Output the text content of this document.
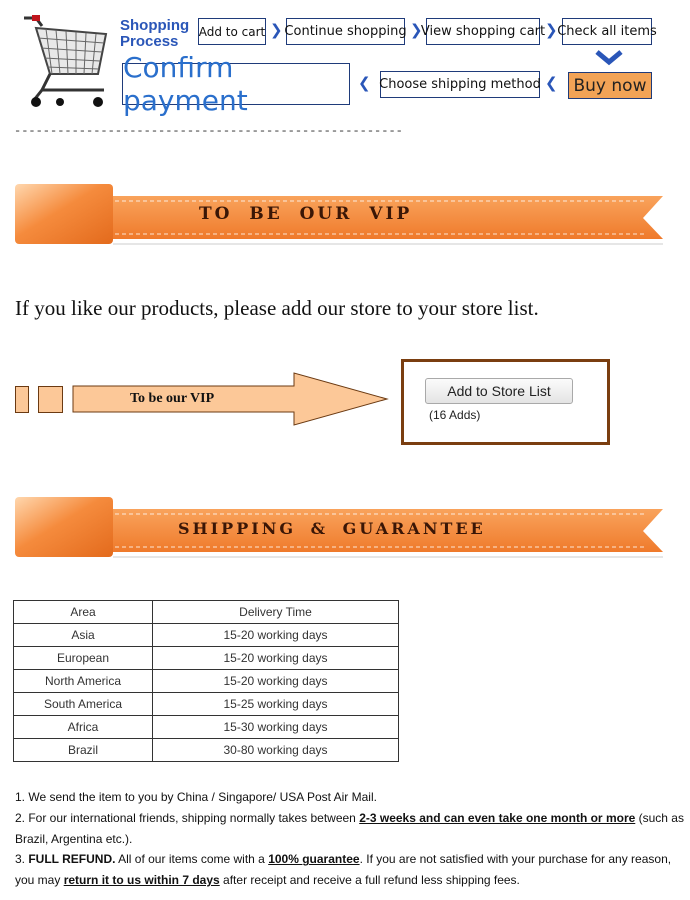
Shopping
Process
Add to cart ❯ Continue shopping ❯
View shopping cart ❯ Check all items
Confirm payment
❮ Choose shipping method ❮ Buy now
------------------------------------------------------
TO BE OUR VIP
If you like our products, please add our store to your store list.
To be our VIP	Add to Store List
(16 Adds)
SHIPPING & GUARANTEE
Area	Delivery Time
Asia	15-20 working days
European	15-20 working days
North America	15-20 working days
South America	15-25 working days
Africa	15-30 working days
Brazil	30-80 working days

1. We send the item to you by China / Singapore/ USA Post Air Mail.

2. For our international friends, shipping normally takes between 2-3 weeks and can even take one month or more (such as Brazil, Argentina etc.).

3. FULL REFUND. All of our items come with a 100% guarantee. If you are not satisfied with your purchase for any reason, you may return it to us within 7 days after receipt and receive a full refund less shipping fees.
